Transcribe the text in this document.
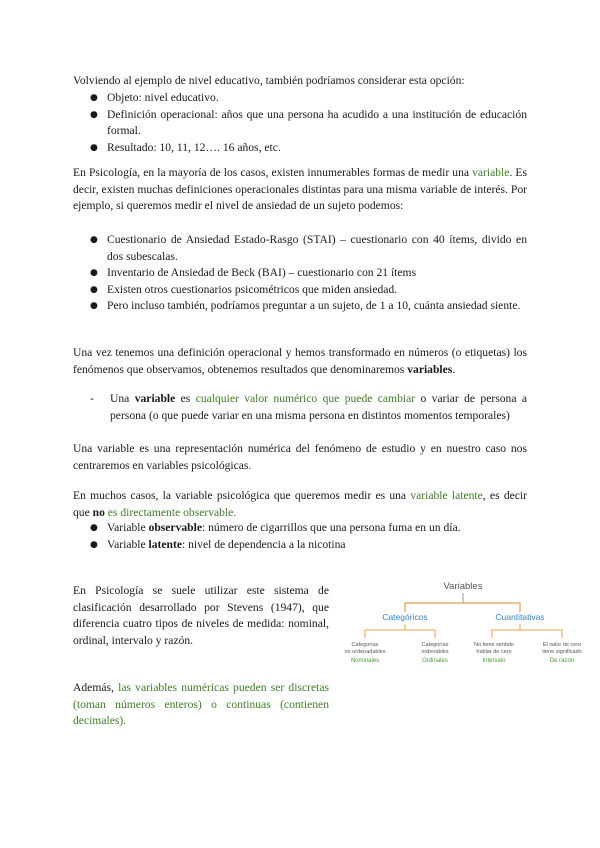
Volviendo al ejemplo de nivel educativo, también podríamos considerar esta opción:

● Objeto: nivel educativo.
● Definición operacional: años que una persona ha acudido a una institución de educación formal.
● Resultado: 10, 11, 12…. 16 años, etc.

En Psicología, en la mayoría de los casos, existen innumerables formas de medir una variable. Es decir, existen muchas definiciones operacionales distintas para una misma variable de interés. Por ejemplo, si queremos medir el nivel de ansiedad de un sujeto podemos:

● Cuestionario de Ansiedad Estado-Rasgo (STAI) – cuestionario con 40 ítems, divido en dos subescalas.
● Inventario de Ansiedad de Beck (BAI) – cuestionario con 21 ítems
● Existen otros cuestionarios psicométricos que miden ansiedad.
● Pero incluso también, podríamos preguntar a un sujeto, de 1 a 10, cuánta ansiedad siente.

Una vez tenemos una definición operacional y hemos transformado en números (o etiquetas) los fenómenos que observamos, obtenemos resultados que denominaremos variables.

- Una variable es cualquier valor numérico que puede cambiar o variar de persona a persona (o que puede variar en una misma persona en distintos momentos temporales)

Una variable es una representación numérica del fenómeno de estudio y en nuestro caso nos centraremos en variables psicológicas.

En muchos casos, la variable psicológica que queremos medir es una variable latente, es decir que no es directamente observable.

● Variable observable: número de cigarrillos que una persona fuma en un día.
● Variable latente: nivel de dependencia a la nicotina

En Psicología se suele utilizar este sistema de clasificación desarrollado por Stevens (1947), que diferencia cuatro tipos de niveles de medida: nominal, ordinal, intervalo y razón.

Además, las variables numéricas pueden ser discretas (toman números enteros) o continuas (contienen decimales).

Variables
Categóricos	Cuantitativas
Categorías
no ordenadables
Nominales
Categorías
ordenables
Ordinales
No tiene sentido
hablar de cero
Intervalo
El valor de cero
tiene significado
De razón
